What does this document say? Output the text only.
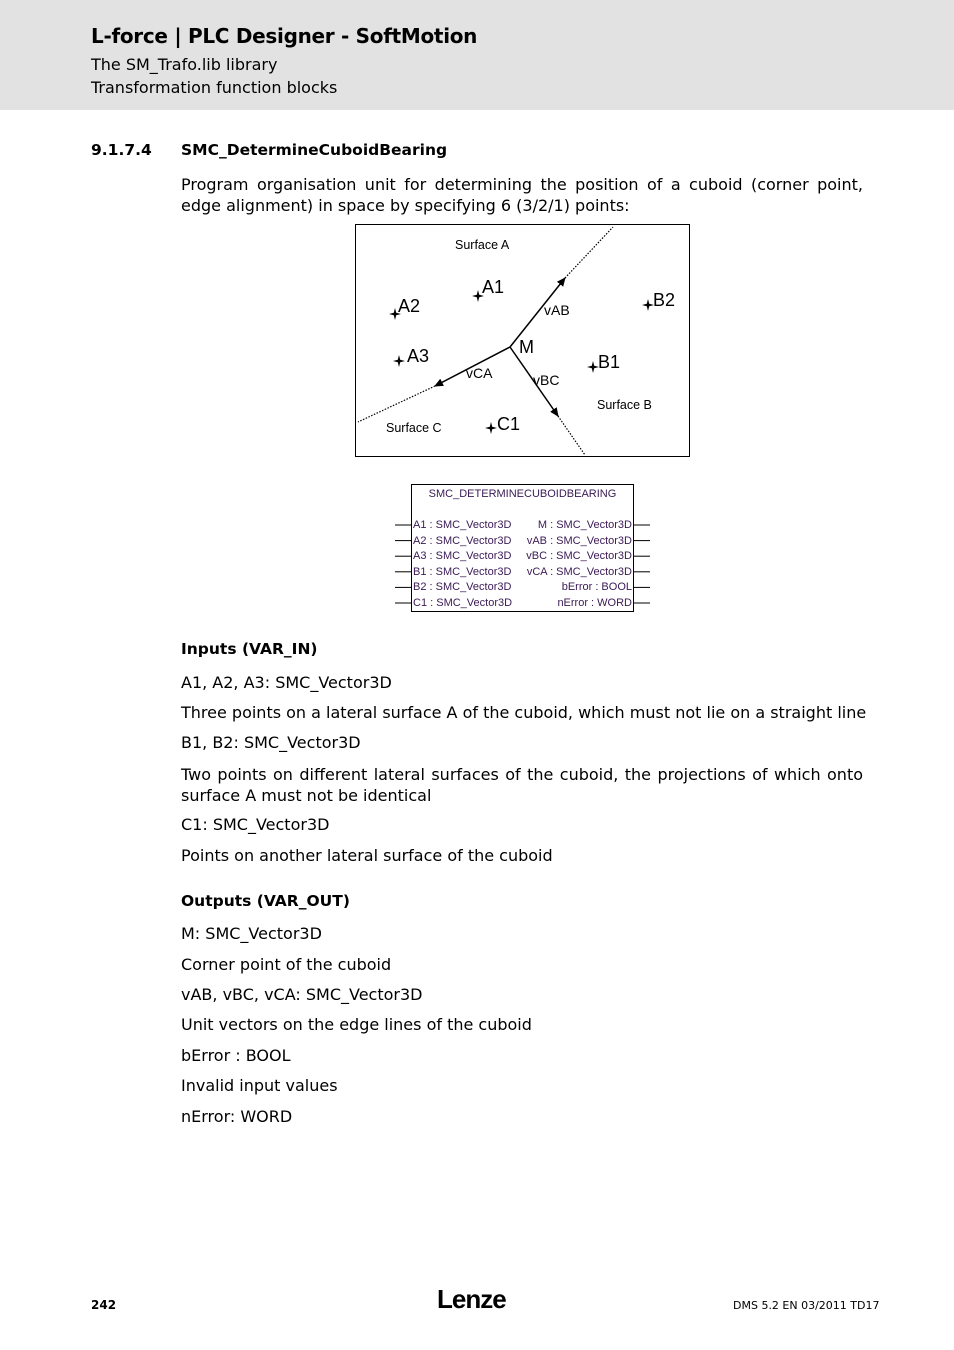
L-force | PLC Designer - SoftMotion
The SM_Trafo.lib library
Transformation function blocks
9.1.7.4 SMC_DetermineCuboidBearing
Program organisation unit for determining the position of a cuboid (corner point, edge alignment) in space by specifying 6 (3/2/1) points:
Surface A
Surface B
Surface C
A1
A2
A3	B1
B2
C1
M
vAB
vBC
vCA
SMC_DETERMINECUBOIDBEARING
A1 : SMC_Vector3D
A2 : SMC_Vector3D
A3 : SMC_Vector3D
B1 : SMC_Vector3D
B2 : SMC_Vector3D
C1 : SMC_Vector3D
M : SMC_Vector3D
vAB : SMC_Vector3D
vBC : SMC_Vector3D
vCA : SMC_Vector3D
bError : BOOL
nError : WORD
Inputs (VAR_IN)
A1, A2, A3: SMC_Vector3D
Three points on a lateral surface A of the cuboid, which must not lie on a straight line
B1, B2: SMC_Vector3D
Two points on different lateral surfaces of the cuboid, the projections of which onto surface A must not be identical
C1: SMC_Vector3D
Points on another lateral surface of the cuboid
Outputs (VAR_OUT)
M: SMC_Vector3D
Corner point of the cuboid
vAB, vBC, vCA: SMC_Vector3D
Unit vectors on the edge lines of the cuboid
bError : BOOL
Invalid input values
nError: WORD
242	Lenze	DMS 5.2 EN 03/2011 TD17
